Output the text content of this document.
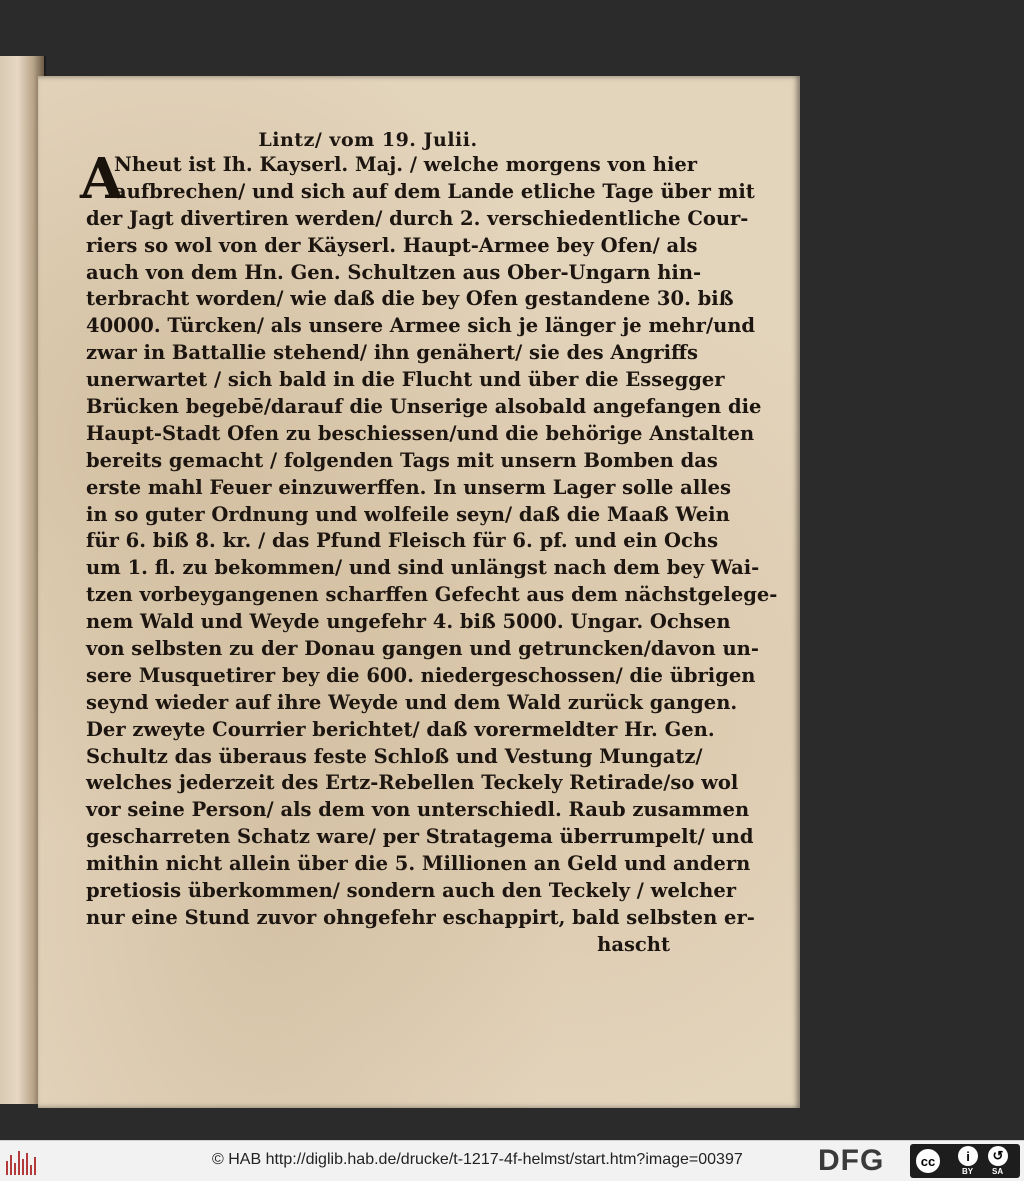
Lintz/ vom 19. Julii.
A
Nheut ist Ih. Kayserl. Maj. / welche morgens von hier
aufbrechen/ und sich auf dem Lande etliche Tage über mit
der Jagt divertiren werden/ durch 2. verschiedentliche Cour-
riers so wol von der Käyserl. Haupt-Armee bey Ofen/ als
auch von dem Hn. Gen. Schultzen aus Ober-Ungarn hin-
terbracht worden/ wie daß die bey Ofen gestandene 30. biß
40000. Türcken/ als unsere Armee sich je länger je mehr/und
zwar in Battallie stehend/ ihn genähert/ sie des Angriffs
unerwartet / sich bald in die Flucht und über die Essegger
Brücken begebē/darauf die Unserige alsobald angefangen die
Haupt-Stadt Ofen zu beschiessen/und die behörige Anstalten
bereits gemacht / folgenden Tags mit unsern Bomben das
erste mahl Feuer einzuwerffen. In unserm Lager solle alles
in so guter Ordnung und wolfeile seyn/ daß die Maaß Wein
für 6. biß 8. kr. / das Pfund Fleisch für 6. pf. und ein Ochs
um 1. fl. zu bekommen/ und sind unlängst nach dem bey Wai-
tzen vorbeygangenen scharffen Gefecht aus dem nächstgelege-
nem Wald und Weyde ungefehr 4. biß 5000. Ungar. Ochsen
von selbsten zu der Donau gangen und getruncken/davon un-
sere Musquetirer bey die 600. niedergeschossen/ die übrigen
seynd wieder auf ihre Weyde und dem Wald zurück gangen.
Der zweyte Courrier berichtet/ daß vorermeldter Hr. Gen.
Schultz das überaus feste Schloß und Vestung Mungatz/
welches jederzeit des Ertz-Rebellen Teckely Retirade/so wol
vor seine Person/ als dem von unterschiedl. Raub zusammen
gescharreten Schatz ware/ per Stratagema überrumpelt/ und
mithin nicht allein über die 5. Millionen an Geld und andern
pretiosis überkommen/ sondern auch den Teckely / welcher
nur eine Stund zuvor ohngefehr eschappirt, bald selbsten er-
hascht
© HAB http://diglib.hab.de/drucke/t-1217-4f-helmst/start.htm?image=00397	DFG	cc	i	↺
BY SA
